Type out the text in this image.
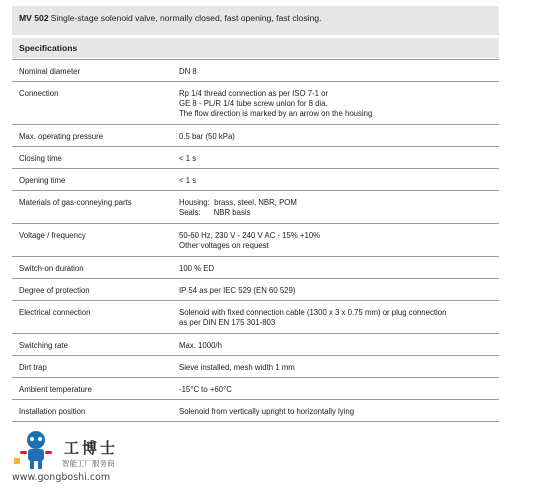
MV 502 Single-stage solenoid valve, normally closed, fast opening, fast closing.
Specifications
Nominal diameter	DN 8

Connection	Rp 1/4 thread connection as per ISO 7-1 or
GE 8 - PL/R 1/4 tube screw union for 8 dia.
The flow direction is marked by an arrow on the housing

Max. operating pressure	0.5 bar (50 kPa)

Closing time	< 1 s

Opening time	< 1 s

Materials of gas-conneying parts	Housing:  brass, steel, NBR, POM
Seals:      NBR basis

Voltage / frequency	50-60 Hz, 230 V - 240 V AC - 15% +10%
Other voltages on request

Switch-on duration	100 % ED

Degree of protection	IP 54 as per IEC 529 (EN 60 529)

Electrical connection	Solenoid with fixed connection cable (1300 x 3 x 0.75 mm) or plug connection
as per DIN EN 175 301-803

Switching rate	Max. 1000/h

Dirt trap	Sieve installed, mesh width 1 mm

Ambient temperature	-15°C to +60°C

Installation position	Solenoid from vertically upright to horizontally lying
工博士
智能工厂服务商
www.gongboshi.com
